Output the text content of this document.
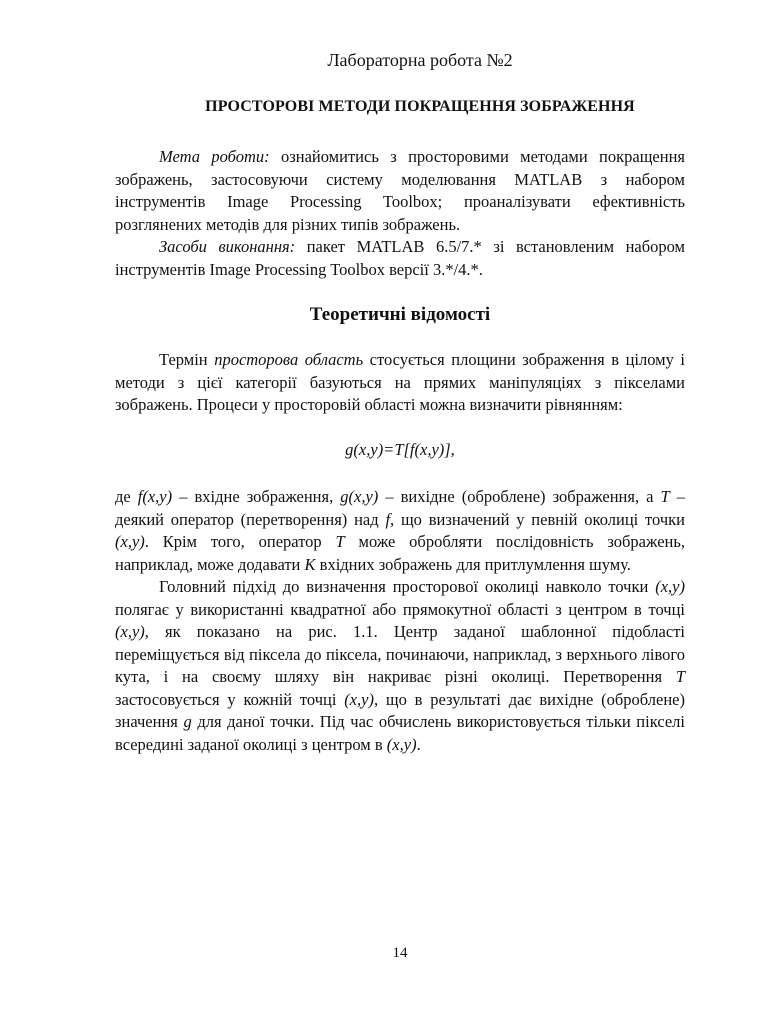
Лабораторна робота №2
ПРОСТОРОВІ МЕТОДИ ПОКРАЩЕННЯ ЗОБРАЖЕННЯ

Мета роботи: ознайомитись з просторовими методами покращення зображень, застосовуючи систему моделювання MATLAB з набором інструментів Image Processing Toolbox; проаналізувати ефективність розглянених методів для різних типів зображень.

Засоби виконання: пакет MATLAB 6.5/7.* зі встановленим набором інструментів Image Processing Toolbox версії 3.*/4.*.

Теоретичні відомості

Термін просторова область стосується площини зображення в цілому і методи з цієї категорії базуються на прямих маніпуляціях з пікселами зображень. Процеси у просторовій області можна визначити рівнянням:

g(x,y)=T[f(x,y)],

де f(x,y) – вхідне зображення, g(x,y) – вихідне (оброблене) зображення, а T – деякий оператор (перетворення) над f, що визначений у певній околиці точки (x,y). Крім того, оператор T може обробляти послідовність зображень, наприклад, може додавати K вхідних зображень для притлумлення шуму.

Головний підхід до визначення просторової околиці навколо точки (x,y) полягає у використанні квадратної або прямокутної області з центром в точці (x,y), як показано на рис. 1.1. Центр заданої шаблонної підобласті переміщується від піксела до піксела, починаючи, наприклад, з верхнього лівого кута, і на своєму шляху він накриває різні околиці. Перетворення T застосовується у кожній точці (x,y), що в результаті дає вихідне (оброблене) значення g для даної точки. Під час обчислень використовується тільки пікселі всередині заданої околиці з центром в (x,y).

14
